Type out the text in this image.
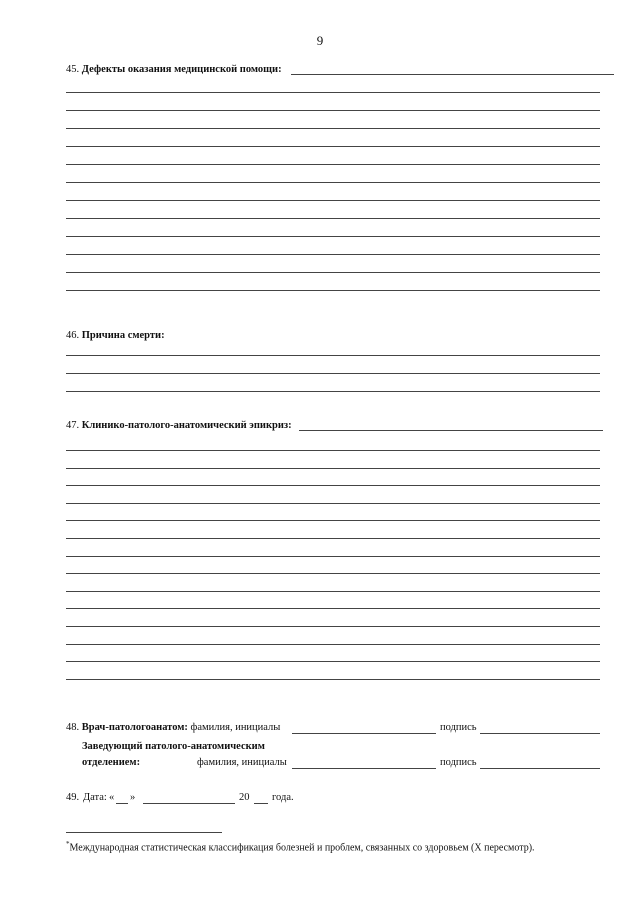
9
45. Дефекты оказания медицинской помощи:
46. Причина смерти:
47. Клинико-патолого-анатомический эпикриз:
48. Врач-патологоанатом: фамилия, инициалы	подпись
Заведующий патолого-анатомическим
отделением:	фамилия, инициалы	подпись
49. Дата: « »	20 года.
*Международная статистическая классификация болезней и проблем, связанных со здоровьем (X пересмотр).
